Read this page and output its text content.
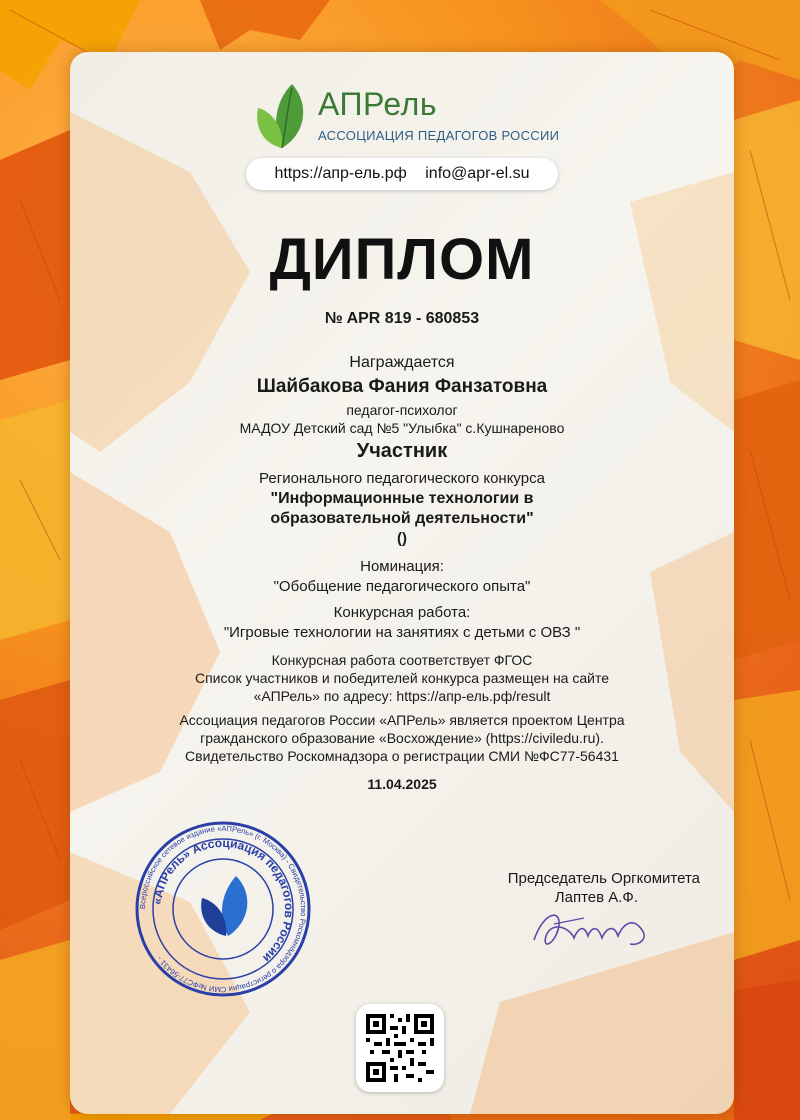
АПРель
АССОЦИАЦИЯ ПЕДАГОГОВ РОССИИ
https://апр-ель.рф info@apr-el.su
ДИПЛОМ
№ APR 819 - 680853
Награждается
Шайбакова Фания Фанзатовна
педагог-психолог
МАДОУ Детский сад №5 "Улыбка" с.Кушнареново
Участник
Регионального педагогического конкурса
"Информационные технологии в
образовательной деятельности"
()
Номинация:
"Обобщение педагогического опыта"
Конкурсная работа:
"Игровые технологии на занятиях с детьми с ОВЗ "
Конкурсная работа соответствует ФГОС
Список участников и победителей конкурса размещен на сайте
«АПРель» по адресу: https://апр-ель.рф/result
Ассоциация педагогов России «АПРель» является проектом Центра
гражданского образование «Восхождение» (https://civiledu.ru).
Свидетельство Роскомнадзора о регистрации СМИ №ФС77-56431
11.04.2025
Всероссийское сетевое издание «АПРель» (г. Москва) - Свидетельство Роскомнадзора о регистрации СМИ №ФС77-56431 -
«АПРель» Ассоциация педагогов России
Председатель Оргкомитета
Лаптев А.Ф.
